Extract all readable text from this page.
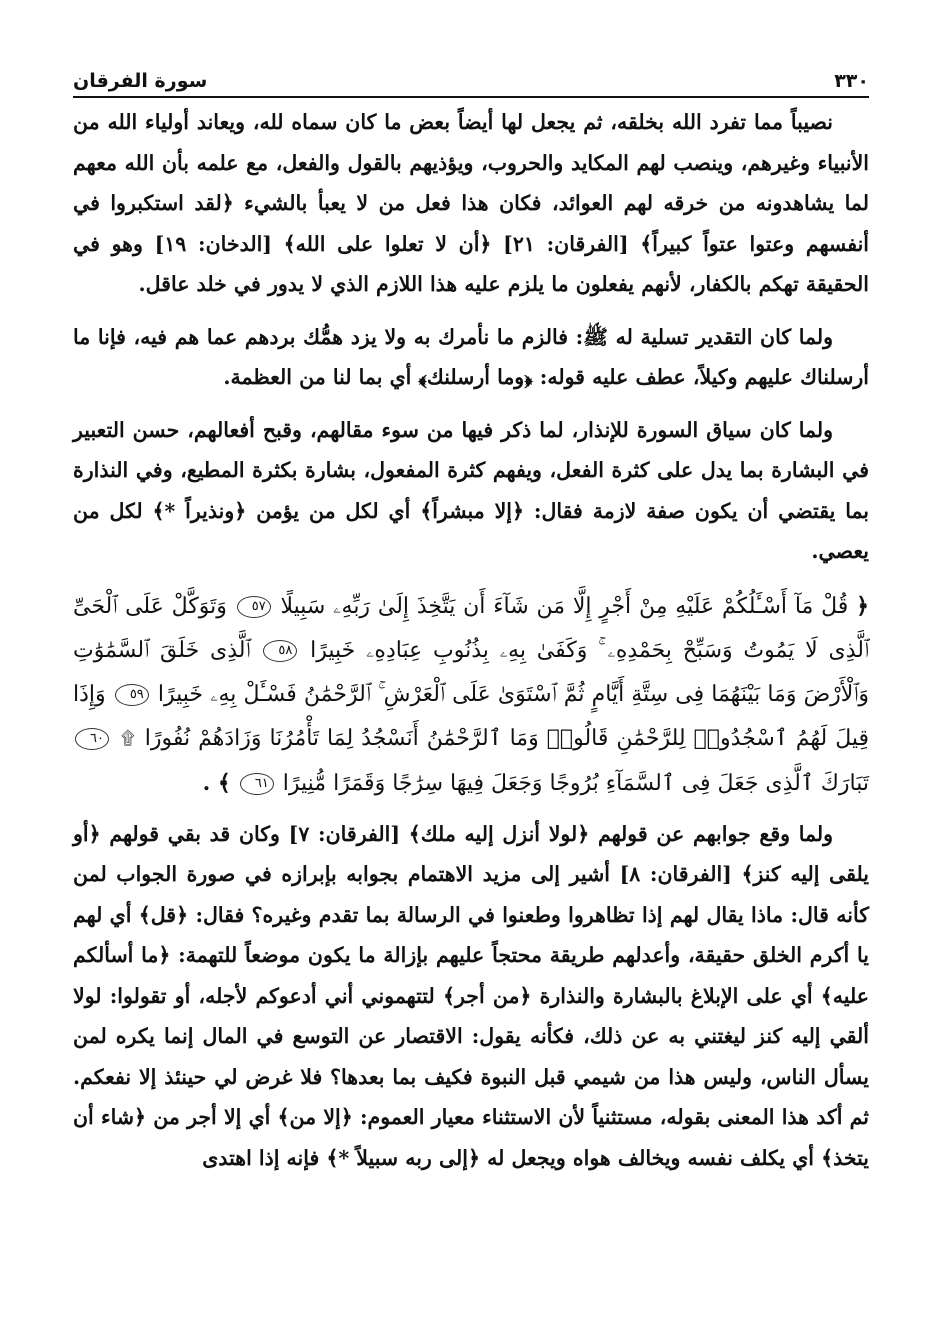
٣٣٠
سورة الفرقان
نصيباً مما تفرد الله بخلقه، ثم يجعل لها أيضاً بعض ما كان سماه لله، ويعاند أولياء الله من الأنبياء وغيرهم، وينصب لهم المكايد والحروب، ويؤذيهم بالقول والفعل، مع علمه بأن الله معهم لما يشاهدونه من خرقه لهم العوائد، فكان هذا فعل من لا يعبأ بالشيء ﴿لقد استكبروا في أنفسهم وعتوا عتواً كبيراً﴾ [الفرقان: ٢١] ﴿أن لا تعلوا على الله﴾ [الدخان: ١٩] وهو في الحقيقة تهكم بالكفار، لأنهم يفعلون ما يلزم عليه هذا اللازم الذي لا يدور في خلد عاقل.
ولما كان التقدير تسلية له ﷺ: فالزم ما نأمرك به ولا يزد همُّك بردهم عما هم فيه، فإنا ما أرسلناك عليهم وكيلاً، عطف عليه قوله: ﴿وما أرسلنك﴾ أي بما لنا من العظمة.
ولما كان سياق السورة للإنذار، لما ذكر فيها من سوء مقالهم، وقبح أفعالهم، حسن التعبير في البشارة بما يدل على كثرة الفعل، ويفهم كثرة المفعول، بشارة بكثرة المطيع، وفي النذارة بما يقتضي أن يكون صفة لازمة فقال: ﴿إلا مبشراً﴾ أي لكل من يؤمن ﴿ونذيراً *﴾ لكل من يعصي.
﴿ قُلْ مَآ أَسْـَٔلُكُمْ عَلَيْهِ مِنْ أَجْرٍ إِلَّا مَن شَآءَ أَن يَتَّخِذَ إِلَىٰ رَبِّهِۦ سَبِيلًا ٥٧ وَتَوَكَّلْ عَلَى ٱلْحَىِّ ٱلَّذِى لَا يَمُوتُ وَسَبِّحْ بِحَمْدِهِۦ ۚ وَكَفَىٰ بِهِۦ بِذُنُوبِ عِبَادِهِۦ خَبِيرًا ٥٨ ٱلَّذِى خَلَقَ ٱلسَّمَٰوَٰتِ وَٱلْأَرْضَ وَمَا بَيْنَهُمَا فِى سِتَّةِ أَيَّامٍ ثُمَّ ٱسْتَوَىٰ عَلَى ٱلْعَرْشِ ۚ ٱلرَّحْمَٰنُ فَسْـَٔلْ بِهِۦ خَبِيرًا ٥٩ وَإِذَا قِيلَ لَهُمُ ٱسْجُدُوا۟ لِلرَّحْمَٰنِ قَالُوا۟ وَمَا ٱلرَّحْمَٰنُ أَنَسْجُدُ لِمَا تَأْمُرُنَا وَزَادَهُمْ نُفُورًا ۩ ٦٠ تَبَارَكَ ٱلَّذِى جَعَلَ فِى ٱلسَّمَآءِ بُرُوجًا وَجَعَلَ فِيهَا سِرَٰجًا وَقَمَرًا مُّنِيرًا ٦١ ﴾ .
ولما وقع جوابهم عن قولهم ﴿لولا أنزل إليه ملك﴾ [الفرقان: ٧] وكان قد بقي قولهم ﴿أو يلقى إليه كنز﴾ [الفرقان: ٨] أشير إلى مزيد الاهتمام بجوابه بإبرازه في صورة الجواب لمن كأنه قال: ماذا يقال لهم إذا تظاهروا وطعنوا في الرسالة بما تقدم وغيره؟ فقال: ﴿قل﴾ أي لهم يا أكرم الخلق حقيقة، وأعدلهم طريقة محتجاً عليهم بإزالة ما يكون موضعاً للتهمة: ﴿ما أسألكم عليه﴾ أي على الإبلاغ بالبشارة والنذارة ﴿من أجر﴾ لتتهموني أني أدعوكم لأجله، أو تقولوا: لولا ألقي إليه كنز ليغتني به عن ذلك، فكأنه يقول: الاقتصار عن التوسع في المال إنما يكره لمن يسأل الناس، وليس هذا من شيمي قبل النبوة فكيف بما بعدها؟ فلا غرض لي حينئذ إلا نفعكم. ثم أكد هذا المعنى بقوله، مستثنياً لأن الاستثناء معيار العموم: ﴿إلا من﴾ أي إلا أجر من ﴿شاء أن يتخذ﴾ أي يكلف نفسه ويخالف هواه ويجعل له ﴿إلى ربه سبيلاً *﴾ فإنه إذا اهتدى
